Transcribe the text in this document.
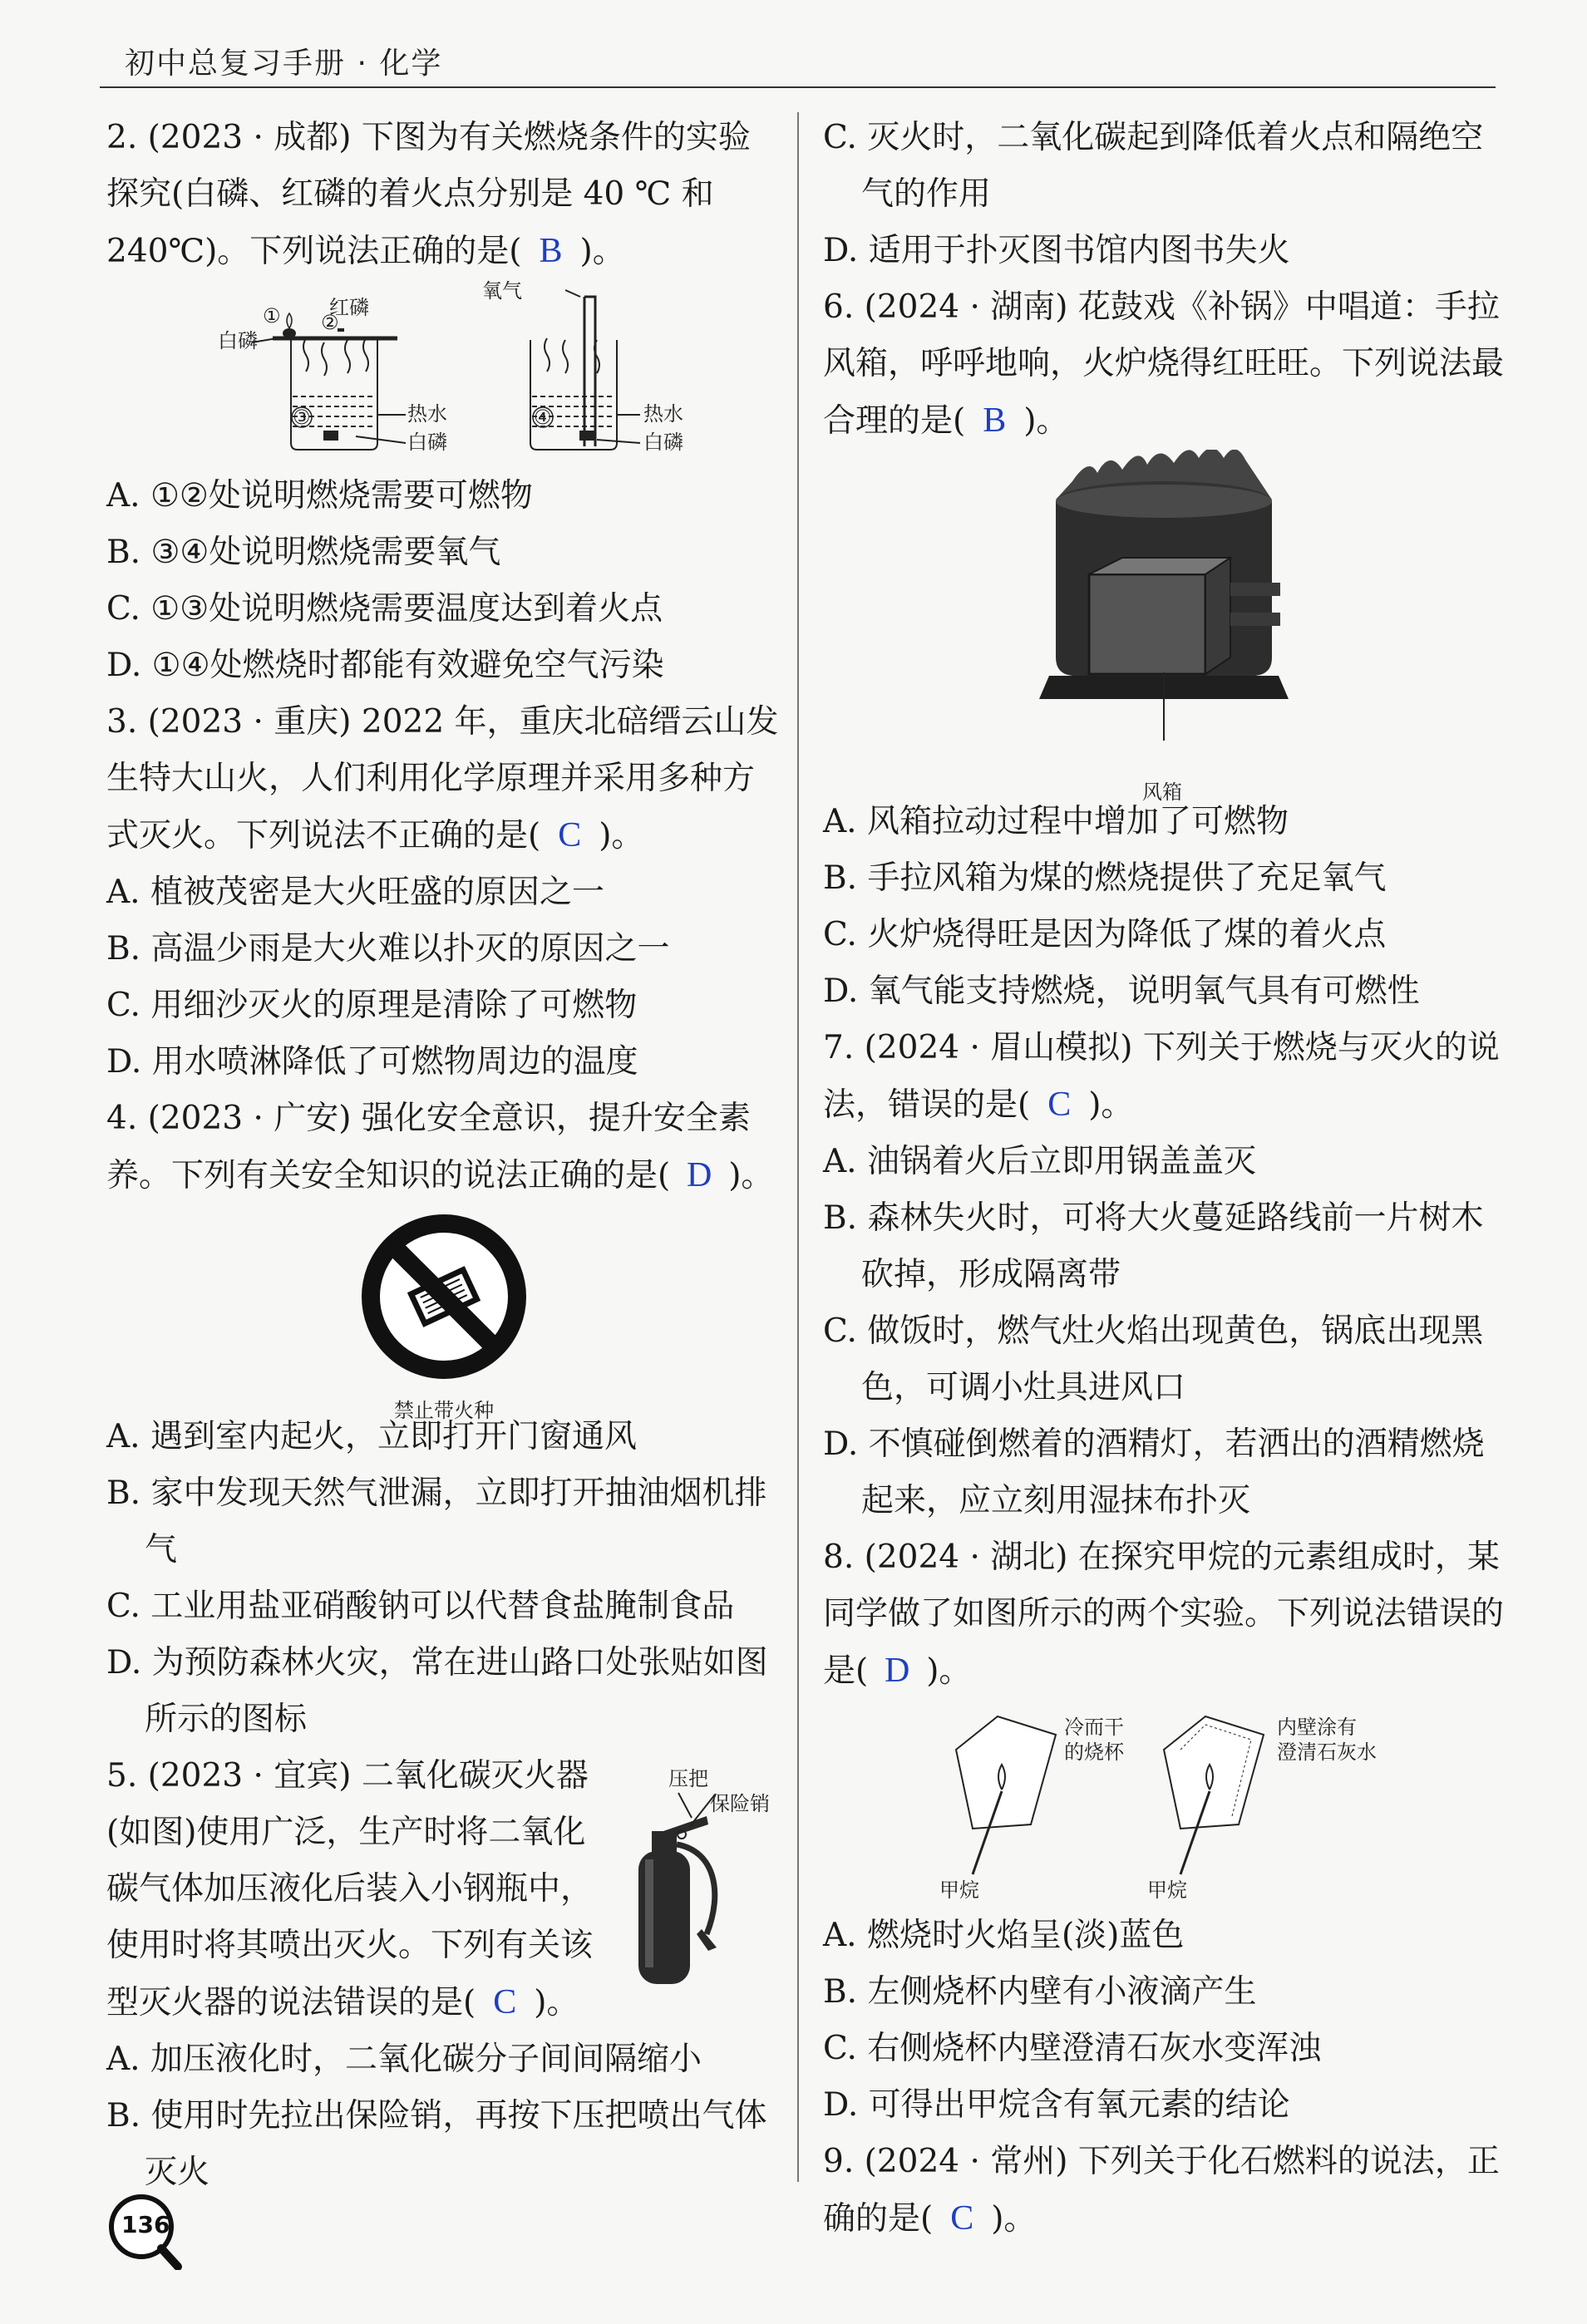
初中总复习手册 · 化学
2. (2023 · 成都) 下图为有关燃烧条件的实验探究(白磷、红磷的着火点分别是 40 ℃ 和 240℃)。下列说法正确的是( B )。
红磷
白磷
热水
白磷
氧气
热水
白磷
① ②
③	④

A. ①②处说明燃烧需要可燃物

B. ③④处说明燃烧需要氧气

C. ①③处说明燃烧需要温度达到着火点

D. ①④处燃烧时都能有效避免空气污染

3. (2023 · 重庆) 2022 年，重庆北碚缙云山发生特大山火，人们利用化学原理并采用多种方式灭火。下列说法不正确的是( C )。

A. 植被茂密是大火旺盛的原因之一

B. 高温少雨是大火难以扑灭的原因之一

C. 用细沙灭火的原理是清除了可燃物

D. 用水喷淋降低了可燃物周边的温度

4. (2023 · 广安) 强化安全意识，提升安全素养。下列有关安全知识的说法正确的是( D )。
禁止带火种

A. 遇到室内起火，立即打开门窗通风

B. 家中发现天然气泄漏，立即打开抽油烟机排气

C. 工业用盐亚硝酸钠可以代替食盐腌制食品

D. 为预防森林火灾，常在进山路口处张贴如图所示的图标

压把
保险销
5. (2023 · 宜宾) 二氧化碳灭火器(如图)使用广泛，生产时将二氧化碳气体加压液化后装入小钢瓶中，使用时将其喷出灭火。下列有关该型灭火器的说法错误的是( C )。

A. 加压液化时，二氧化碳分子间间隔缩小

B. 使用时先拉出保险销，再按下压把喷出气体灭火

C. 灭火时，二氧化碳起到降低着火点和隔绝空气的作用

D. 适用于扑灭图书馆内图书失火

6. (2024 · 湖南) 花鼓戏《补锅》中唱道：手拉风箱，呼呼地响，火炉烧得红旺旺。下列说法最合理的是( B )。
风箱

A. 风箱拉动过程中增加了可燃物

B. 手拉风箱为煤的燃烧提供了充足氧气

C. 火炉烧得旺是因为降低了煤的着火点

D. 氧气能支持燃烧，说明氧气具有可燃性

7. (2024 · 眉山模拟) 下列关于燃烧与灭火的说法，错误的是( C )。

A. 油锅着火后立即用锅盖盖灭

B. 森林失火时，可将大火蔓延路线前一片树木砍掉，形成隔离带

C. 做饭时，燃气灶火焰出现黄色，锅底出现黑色，可调小灶具进风口

D. 不慎碰倒燃着的酒精灯，若洒出的酒精燃烧起来，应立刻用湿抹布扑灭

8. (2024 · 湖北) 在探究甲烷的元素组成时，某同学做了如图所示的两个实验。下列说法错误的是( D )。
冷而干
的烧杯
内壁涂有
澄清石灰水
甲烷	甲烷

A. 燃烧时火焰呈(淡)蓝色

B. 左侧烧杯内壁有小液滴产生

C. 右侧烧杯内壁澄清石灰水变浑浊

D. 可得出甲烷含有氧元素的结论

9. (2024 · 常州) 下列关于化石燃料的说法，正确的是( C )。
136
